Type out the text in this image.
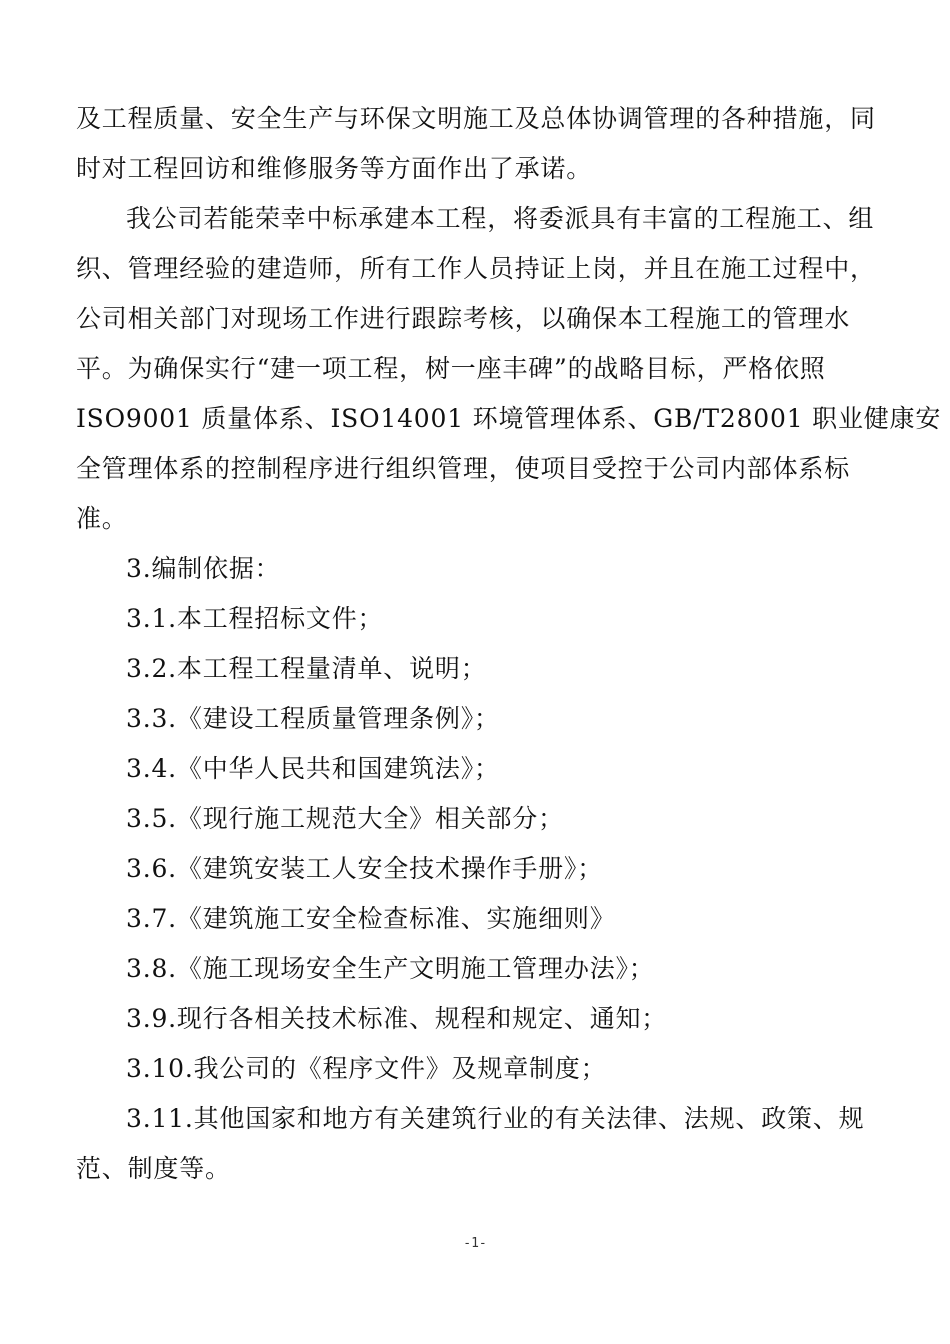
及工程质量、安全生产与环保文明施工及总体协调管理的各种措施，同
时对工程回访和维修服务等方面作出了承诺。

我公司若能荣幸中标承建本工程，将委派具有丰富的工程施工、组
织、管理经验的建造师，所有工作人员持证上岗，并且在施工过程中，
公司相关部门对现场工作进行跟踪考核，以确保本工程施工的管理水
平。为确保实行“建一项工程，树一座丰碑”的战略目标，严格依照
ISO9001 质量体系、ISO14001 环境管理体系、GB/T28001 职业健康安
全管理体系的控制程序进行组织管理，使项目受控于公司内部体系标
准。

3.编制依据：

3.1.本工程招标文件；

3.2.本工程工程量清单、说明；

3.3.《建设工程质量管理条例》；

3.4.《中华人民共和国建筑法》；

3.5.《现行施工规范大全》相关部分；

3.6.《建筑安装工人安全技术操作手册》；

3.7.《建筑施工安全检查标准、实施细则》

3.8.《施工现场安全生产文明施工管理办法》；

3.9.现行各相关技术标准、规程和规定、通知；

3.10.我公司的《程序文件》及规章制度；

3.11.其他国家和地方有关建筑行业的有关法律、法规、政策、规
范、制度等。

-1-
